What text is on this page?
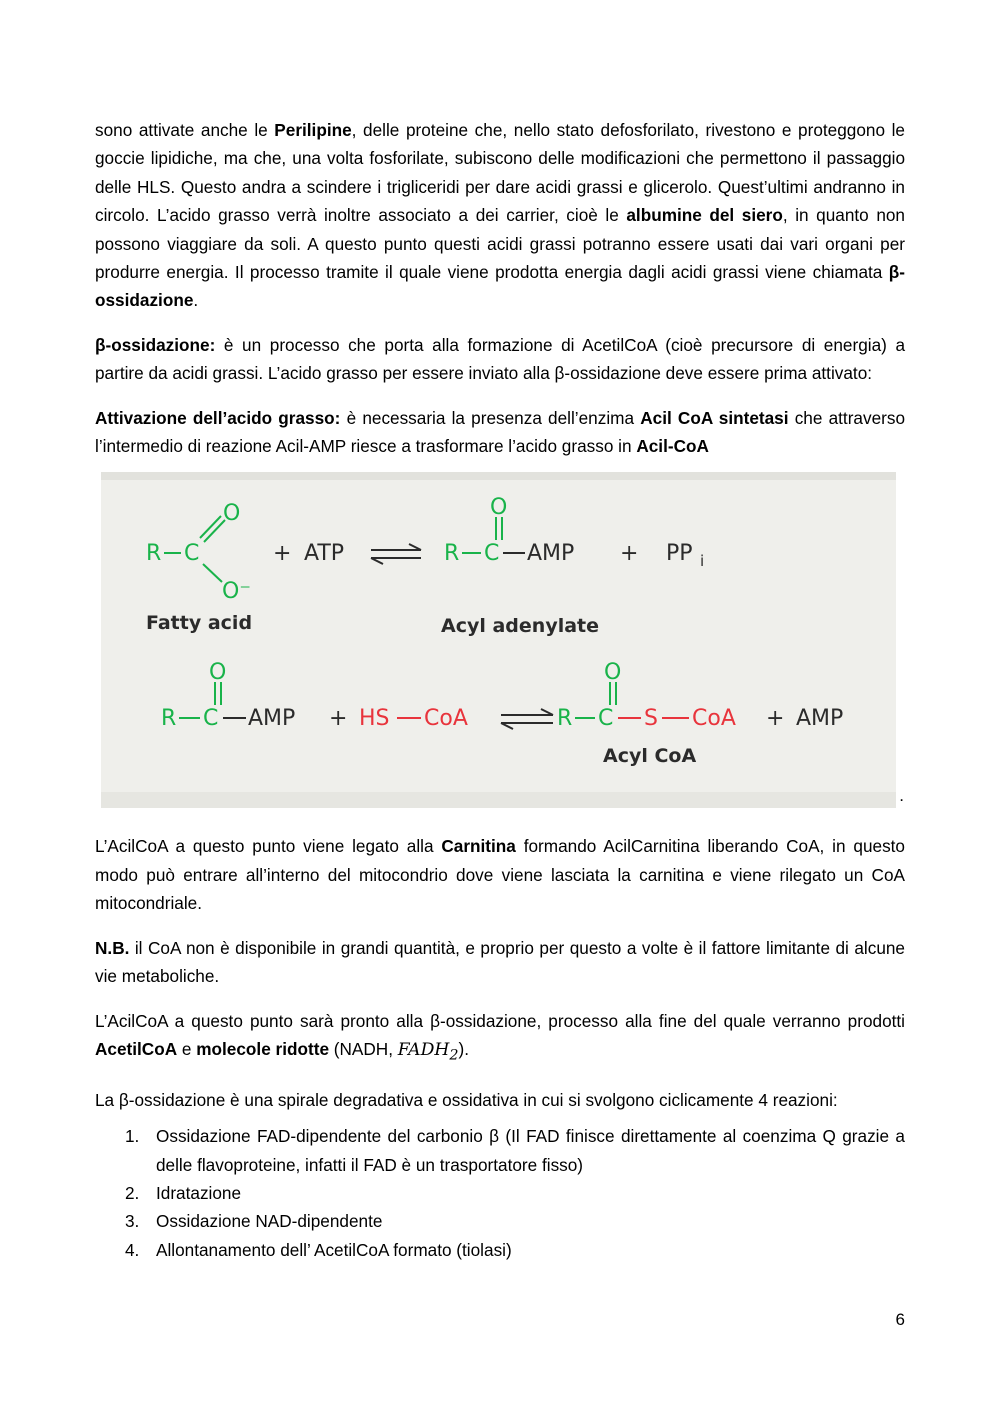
sono attivate anche le Perilipine, delle proteine che, nello stato defosforilato, rivestono e proteggono le goccie lipidiche, ma che, una volta fosforilate, subiscono delle modificazioni che permettono il passaggio delle HLS. Questo andra a scindere i trigliceridi per dare acidi grassi e glicerolo. Quest’ultimi andranno in circolo. L’acido grasso verrà inoltre associato a dei carrier, cioè le albumine del siero, in quanto non possono viaggiare da soli. A questo punto questi acidi grassi potranno essere usati dai vari organi per produrre energia. Il processo tramite il quale viene prodotta energia dagli acidi grassi viene chiamata β-ossidazione.

β-ossidazione: è un processo che porta alla formazione di AcetilCoA (cioè precursore di energia) a partire da acidi grassi. L’acido grasso per essere inviato alla β-ossidazione deve essere prima attivato:

Attivazione dell’acido grasso: è necessaria la presenza dell’enzima Acil CoA sintetasi che attraverso l’intermedio di reazione Acil-AMP riesce a trasformare l’acido grasso in Acil-CoA

R C
O
O⁻
+ ATP	R C
O
AMP + PP i
Fatty acid	Acyl adenylate
R C
O
AMP + HS CoA	R C
O
S CoA + AMP
Acyl CoA
.

L’AcilCoA a questo punto viene legato alla Carnitina formando AcilCarnitina liberando CoA, in questo modo può entrare all’interno del mitocondrio dove viene lasciata la carnitina e viene rilegato un CoA mitocondriale.

N.B. il CoA non è disponibile in grandi quantità, e proprio per questo a volte è il fattore limitante di alcune vie metaboliche.

L’AcilCoA a questo punto sarà pronto alla β-ossidazione, processo alla fine del quale verranno prodotti AcetilCoA e molecole ridotte (NADH, $FADH_2$).

La β-ossidazione è una spirale degradativa e ossidativa in cui si svolgono ciclicamente 4 reazioni:

1. Ossidazione FAD-dipendente del carbonio β (Il FAD finisce direttamente al coenzima Q grazie a delle flavoproteine, infatti il FAD è un trasportatore fisso)
2. Idratazione
3. Ossidazione NAD-dipendente
4. Allontanamento dell’ AcetilCoA formato (tiolasi)
6
